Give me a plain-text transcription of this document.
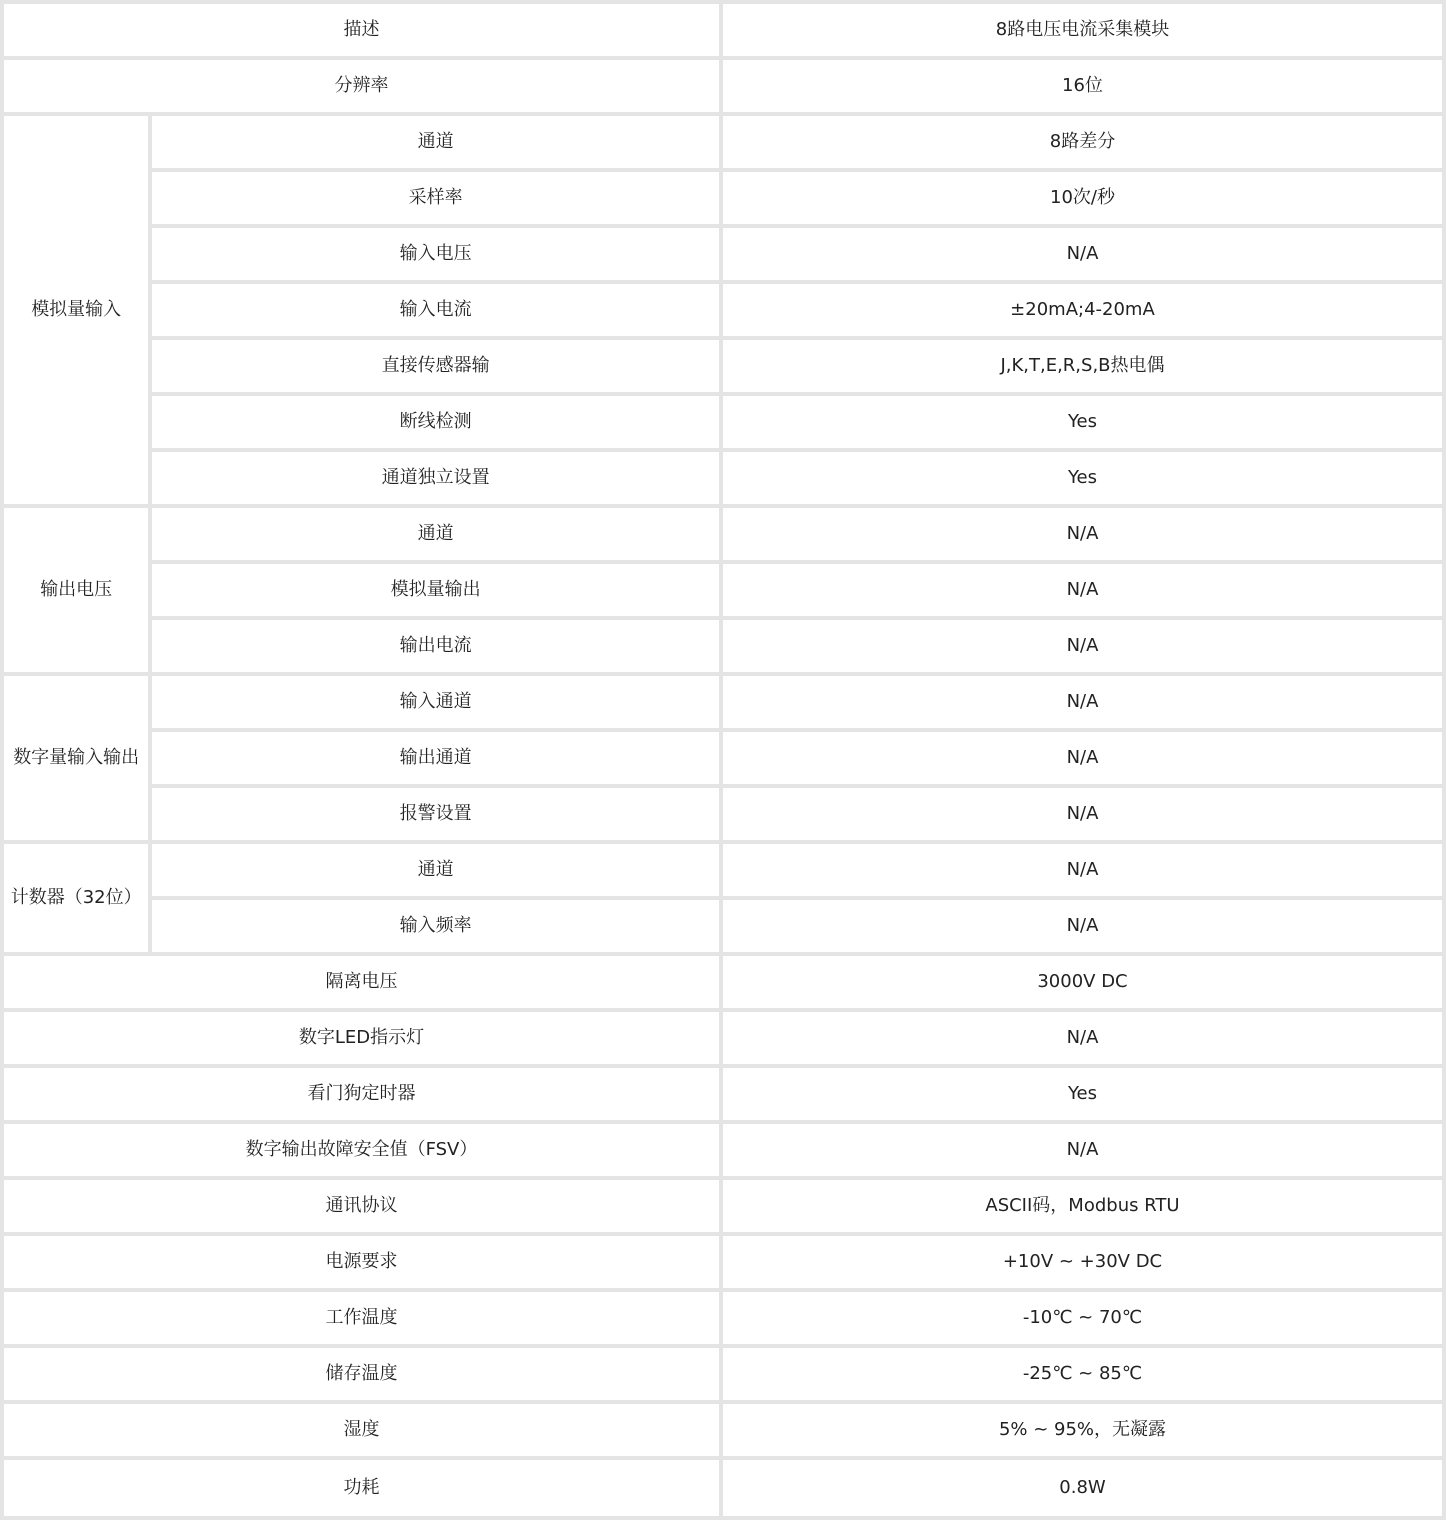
描述		8路电压电流采集模块
分辨率		16位
模拟量输入	通道	8路差分
	采样率	10次/秒
	输入电压	N/A
	输入电流	±20mA;4-20mA
	直接传感器输	J,K,T,E,R,S,B热电偶
	断线检测	Yes
	通道独立设置	Yes
输出电压	通道	N/A
	模拟量输出	N/A
	输出电流	N/A
数字量输入输出	输入通道	N/A
	输出通道	N/A
	报警设置	N/A
计数器（32位）	通道	N/A
	输入频率	N/A
隔离电压		3000V DC
数字LED指示灯		N/A
看门狗定时器		Yes
数字输出故障安全值（FSV）		N/A
通讯协议		ASCII码，Modbus RTU
电源要求		+10V ~ +30V DC
工作温度		-10℃ ~ 70℃
储存温度		-25℃ ~ 85℃
湿度		5% ~ 95%，无凝露
功耗		0.8W
